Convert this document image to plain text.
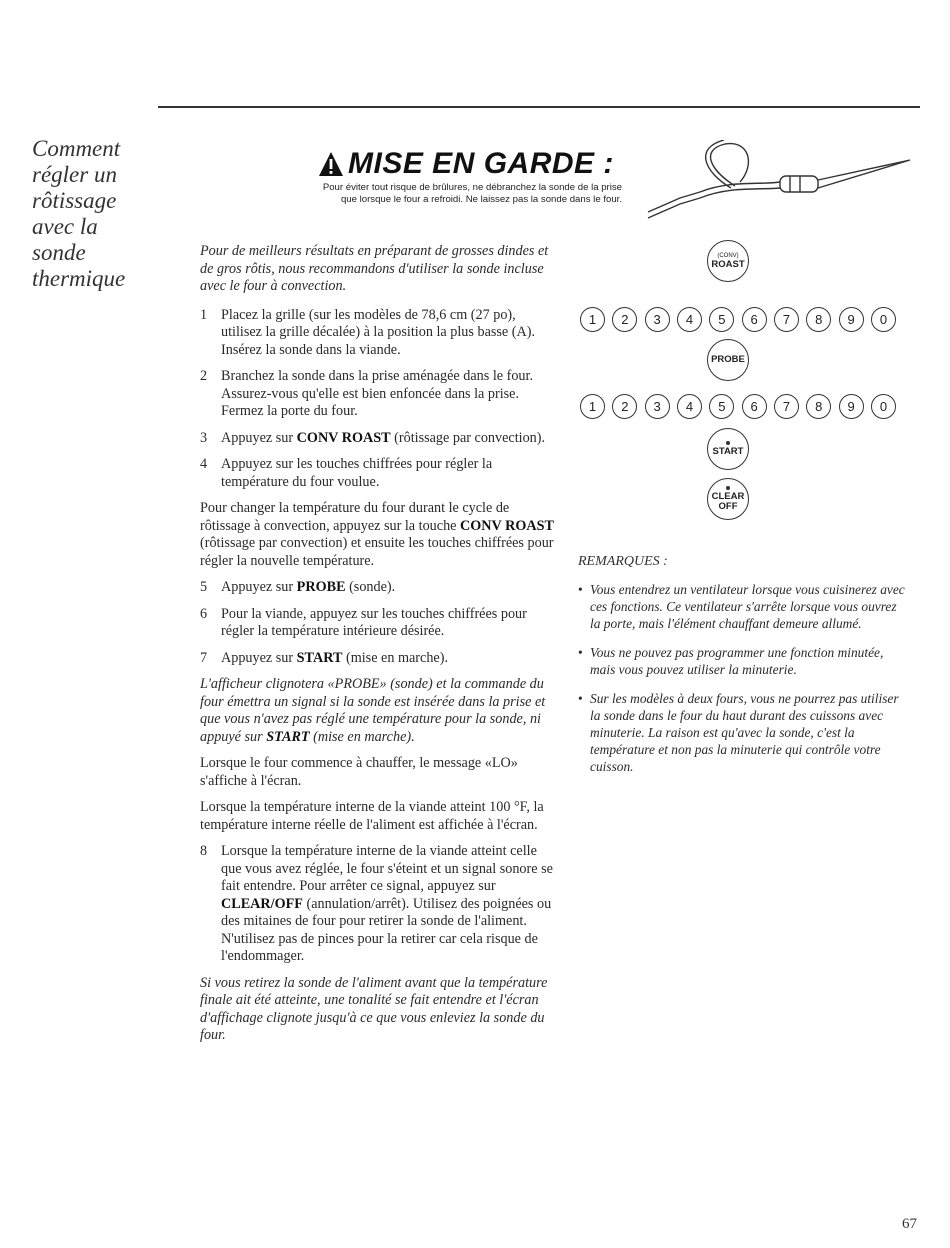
Comment
régler un
rôtissage
avec la
sonde
thermique
MISE EN GARDE :
Pour éviter tout risque de brûlures, ne débranchez la sonde de la prise
que lorsque le four a refroidi. Ne laissez pas la sonde dans le four.

Pour de meilleurs résultats en préparant de grosses dindes et de gros rôtis, nous recommandons d'utiliser la sonde incluse avec le four à convection.

1 Placez la grille (sur les modèles de 78,6 cm (27 po), utilisez la grille décalée) à la position la plus basse (A). Insérez la sonde dans la viande.
2 Branchez la sonde dans la prise aménagée dans le four. Assurez-vous qu'elle est bien enfoncée dans la prise. Fermez la porte du four.
3 Appuyez sur CONV ROAST (rôtissage par convection).
4 Appuyez sur les touches chiffrées pour régler la température du four voulue.

Pour changer la température du four durant le cycle de rôtissage à convection, appuyez sur la touche CONV ROAST (rôtissage par convection) et ensuite les touches chiffrées pour régler la nouvelle température.

5 Appuyez sur PROBE (sonde).
6 Pour la viande, appuyez sur les touches chiffrées pour régler la température intérieure désirée.
7 Appuyez sur START (mise en marche).

L'afficheur clignotera «PROBE» (sonde) et la commande du four émettra un signal si la sonde est insérée dans la prise et que vous n'avez pas réglé une température pour la sonde, ni appuyé sur START (mise en marche).

Lorsque le four commence à chauffer, le message «LO» s'affiche à l'écran.

Lorsque la température interne de la viande atteint 100 °F, la température interne réelle de l'aliment est affichée à l'écran.

8 Lorsque la température interne de la viande atteint celle que vous avez réglée, le four s'éteint et un signal sonore se fait entendre. Pour arrêter ce signal, appuyez sur CLEAR/OFF (annulation/arrêt). Utilisez des poignées ou des mitaines de four pour retirer la sonde de l'aliment. N'utilisez pas de pinces pour la retirer car cela risque de l'endommager.

Si vous retirez la sonde de l'aliment avant que la température finale ait été atteinte, une tonalité se fait entendre et l'écran d'affichage clignote jusqu'à ce que vous enleviez la sonde du four.

(CONV)
ROAST
1	2	3	4	5	6	7	8	9	0
PROBE
1	2	3	4	5	6	7	8	9	0
START
CLEAR
OFF
REMARQUES :
• Vous entendrez un ventilateur lorsque vous cuisinerez avec ces fonctions. Ce ventilateur s'arrête lorsque vous ouvrez la porte, mais l'élément chauffant demeure allumé.
• Vous ne pouvez pas programmer une fonction minutée, mais vous pouvez utiliser la minuterie.
• Sur les modèles à deux fours, vous ne pourrez pas utiliser la sonde dans le four du haut durant des cuissons avec minuterie. La raison est qu'avec la sonde, c'est la température et non pas la minuterie qui contrôle votre cuisson.
67
